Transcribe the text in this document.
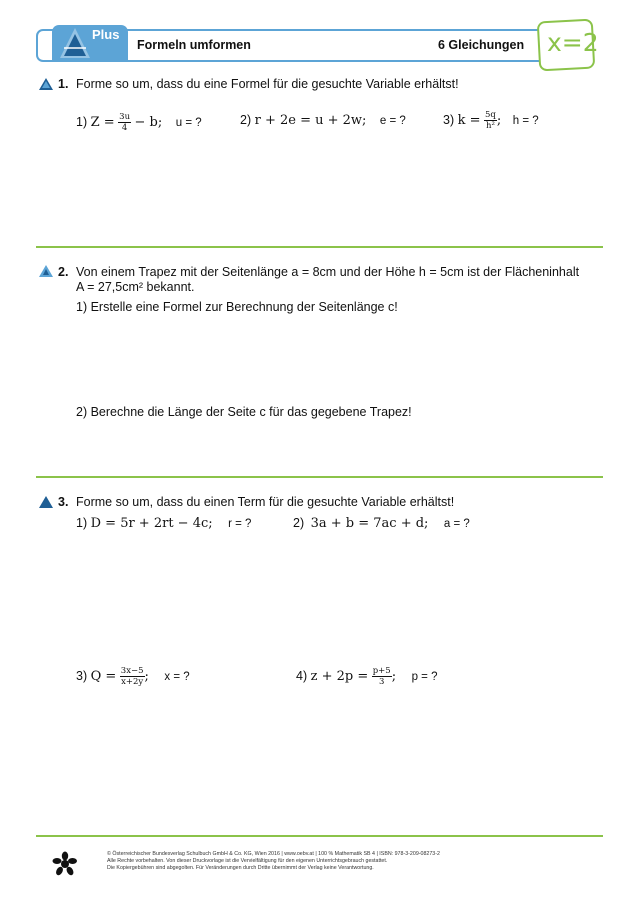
Plus
Formeln umformen	6 Gleichungen x=2
1. Forme so um, dass du eine Formel für die gesuchte Variable erhältst!
1) $Z = \frac{3u}{4} - b$; u = ?	2) r + 2e = u + 2w; e = ?	3) $k = \frac{5q}{\text{h²}}$ ; h = ?
2. Von einem Trapez mit der Seitenlänge a = 8cm und der Höhe h = 5cm ist der Flächeninhalt
A = 27,5cm² bekannt.
1) Erstelle eine Formel zur Berechnung der Seitenlänge c!
2) Berechne die Länge der Seite c für das gegebene Trapez!
3. Forme so um, dass du einen Term für die gesuchte Variable erhältst!
1) D = 5r + 2rt − 4c; r = ?	2) 3a + b = 7ac + d; a = ?
3) $Q = \frac{3x-5}{x+2y}$ ; x = ?	4) $z + 2p = \frac{p+5}{3}$ ; p = ?
© Österreichischer Bundesverlag Schulbuch GmbH & Co. KG, Wien 2016 | www.oebv.at | 100 % Mathematik SB 4 | ISBN: 978-3-209-08273-2
Alle Rechte vorbehalten. Von dieser Druckvorlage ist die Vervielfältigung für den eigenen Unterrichtsgebrauch gestattet.
Die Kopiergebühren sind abgegolten. Für Veränderungen durch Dritte übernimmt der Verlag keine Verantwortung.
